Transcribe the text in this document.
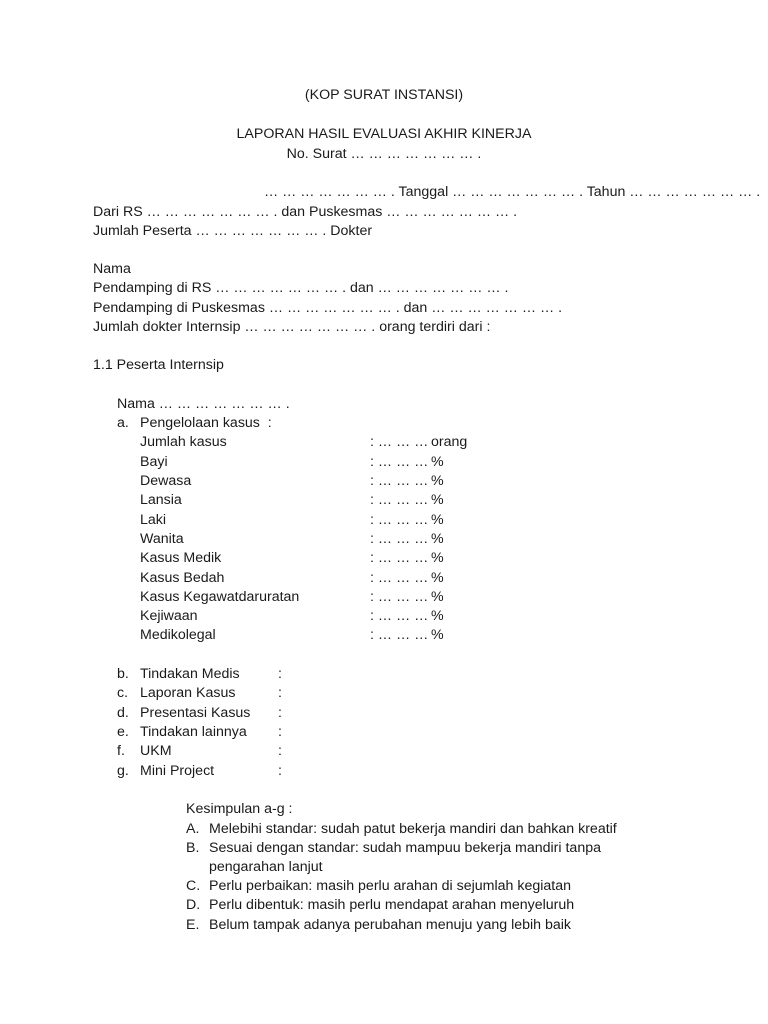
(KOP SURAT INSTANSI)
LAPORAN HASIL EVALUASI AKHIR KINERJA
No. Surat … … … … … … … .
… … … … … … … . Tanggal … … … … … … … . Tahun … … … … … … … .
Dari RS … … … … … … … . dan Puskesmas … … … … … … … .
Jumlah Peserta … … … … … … … . Dokter
Nama
Pendamping di RS … … … … … … … . dan … … … … … … … .
Pendamping di Puskesmas … … … … … … … . dan … … … … … … … .
Jumlah dokter Internsip … … … … … … … . orang terdiri dari :
1.1 Peserta Internsip
Nama … … … … … … … .
a. Pengelolaan kasus  :
Jumlah kasus	: … … … orang
Bayi	: … … … %
Dewasa	: … … … %
Lansia	: … … … %
Laki	: … … … %
Wanita	: … … … %
Kasus Medik	: … … … %
Kasus Bedah	: … … … %
Kasus Kegawatdaruratan	: … … … %
Kejiwaan	: … … … %
Medikolegal	: … … … %
b. Tindakan Medis	:
c. Laporan Kasus	:
d. Presentasi Kasus :
e. Tindakan lainnya :
f. UKM	:
g. Mini Project	:
Kesimpulan a-g :
A. Melebihi standar: sudah patut bekerja mandiri dan bahkan kreatif
B. Sesuai dengan standar: sudah mampuu bekerja mandiri tanpa
pengarahan lanjut
C. Perlu perbaikan: masih perlu arahan di sejumlah kegiatan
D. Perlu dibentuk: masih perlu mendapat arahan menyeluruh
E. Belum tampak adanya perubahan menuju yang lebih baik
